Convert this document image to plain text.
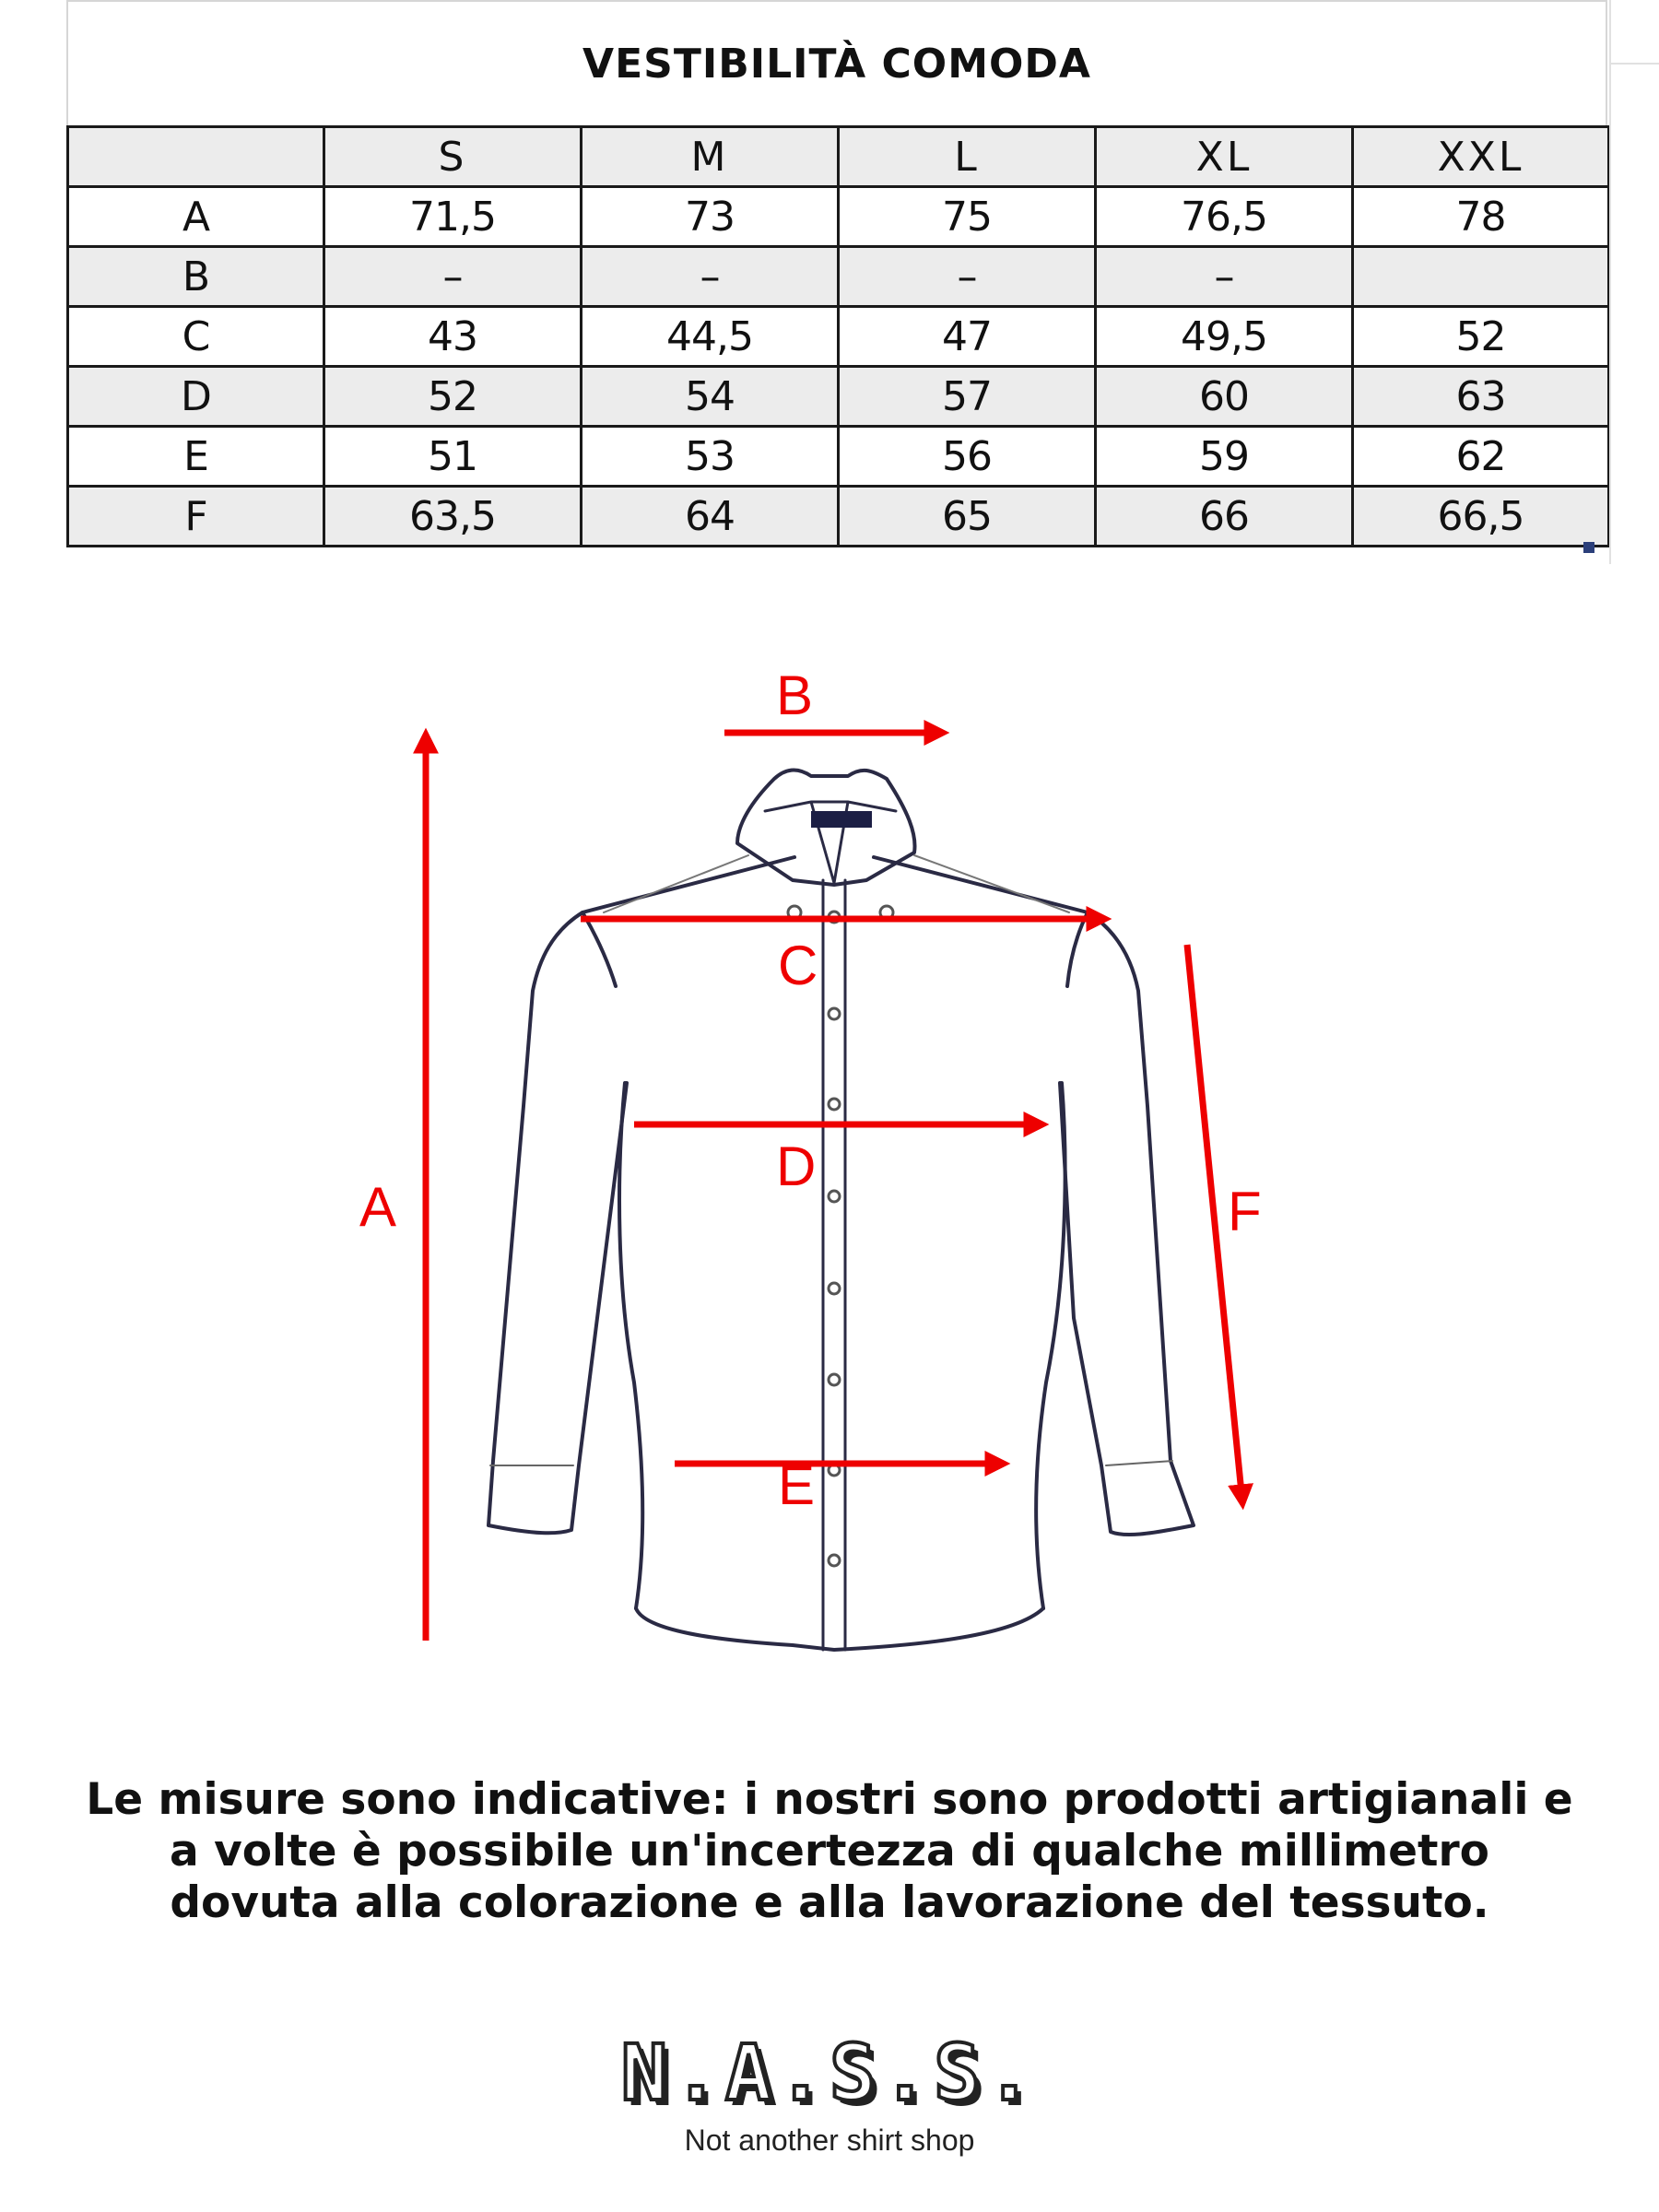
VESTIBILITÀ COMODA
	S	M	L	XL	XXL
A	71,5	73	75	76,5	78
B	–	–	–	–	
C	43	44,5	47	49,5	52
D	52	54	57	60	63
E	51	53	56	59	62
F	63,5	64	65	66	66,5
A
B
C
D
E
F
Le misure sono indicative: i nostri sono prodotti artigianali e
a volte è possibile un'incertezza di qualche millimetro
dovuta alla colorazione e alla lavorazione del tessuto.
N.A.S.S.
Not another shirt shop
